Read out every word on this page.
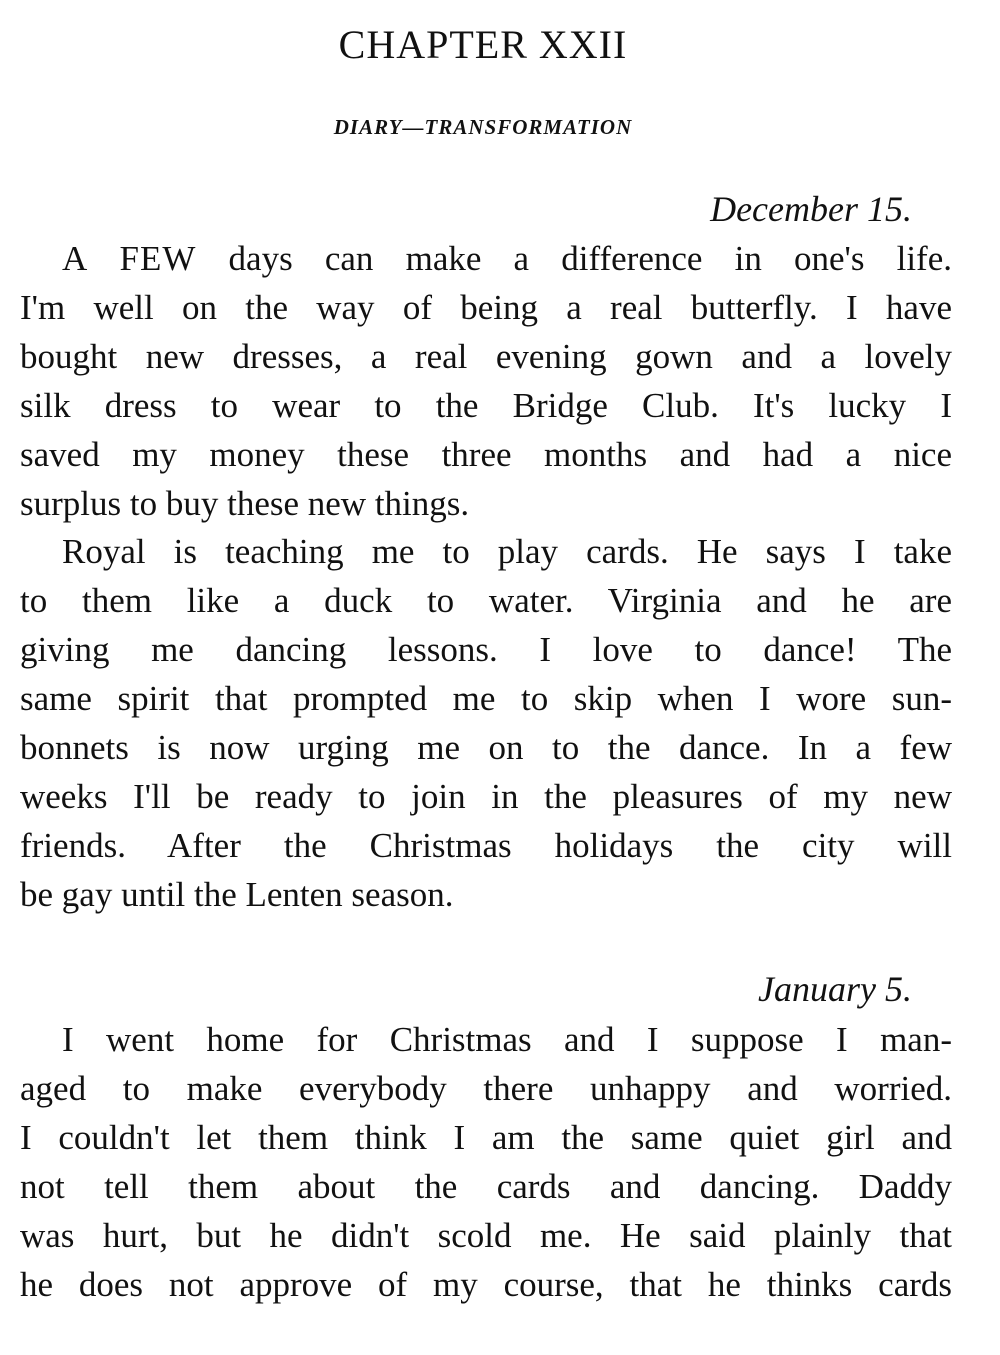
CHAPTER XXII
DIARY—TRANSFORMATION
December 15.
A FEW days can make a difference in one's life.
I'm well on the way of being a real butterfly. I have
bought new dresses, a real evening gown and a lovely
silk dress to wear to the Bridge Club. It's lucky I
saved my money these three months and had a nice
surplus to buy these new things.
Royal is teaching me to play cards. He says I take
to them like a duck to water. Virginia and he are
giving me dancing lessons. I love to dance! The
same spirit that prompted me to skip when I wore sun-
bonnets is now urging me on to the dance. In a few
weeks I'll be ready to join in the pleasures of my new
friends. After the Christmas holidays the city will
be gay until the Lenten season.
January 5.
I went home for Christmas and I suppose I man-
aged to make everybody there unhappy and worried.
I couldn't let them think I am the same quiet girl and
not tell them about the cards and dancing. Daddy
was hurt, but he didn't scold me. He said plainly that
he does not approve of my course, that he thinks cards
